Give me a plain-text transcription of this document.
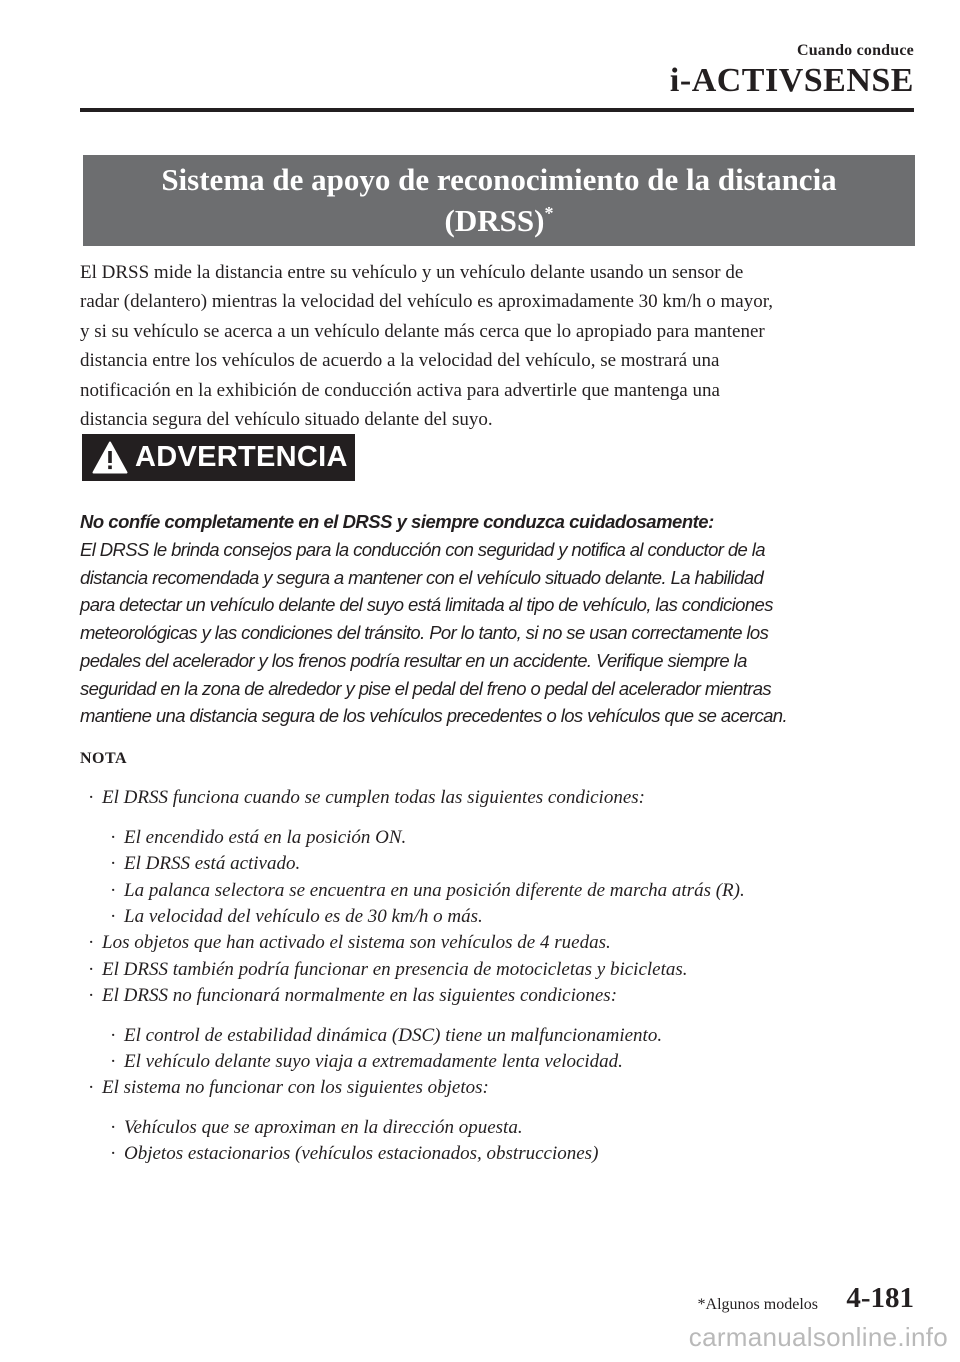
Cuando conduce
i-ACTIVSENSE
Sistema de apoyo de reconocimiento de la distancia
(DRSS)*
El DRSS mide la distancia entre su vehículo y un vehículo delante usando un sensor de
radar (delantero) mientras la velocidad del vehículo es aproximadamente 30 km/h o mayor,
y si su vehículo se acerca a un vehículo delante más cerca que lo apropiado para mantener
distancia entre los vehículos de acuerdo a la velocidad del vehículo, se mostrará una
notificación en la exhibición de conducción activa para advertirle que mantenga una
distancia segura del vehículo situado delante del suyo.
ADVERTENCIA

No confíe completamente en el DRSS y siempre conduzca cuidadosamente:

El DRSS le brinda consejos para la conducción con seguridad y notifica al conductor de la
distancia recomendada y segura a mantener con el vehículo situado delante. La habilidad
para detectar un vehículo delante del suyo está limitada al tipo de vehículo, las condiciones
meteorológicas y las condiciones del tránsito. Por lo tanto, si no se usan correctamente los
pedales del acelerador y los frenos podría resultar en un accidente. Verifique siempre la
seguridad en la zona de alrededor y pise el pedal del freno o pedal del acelerador mientras
mantiene una distancia segura de los vehículos precedentes o los vehículos que se acercan.
NOTA
· El DRSS funciona cuando se cumplen todas las siguientes condiciones:
· El encendido está en la posición ON.
· El DRSS está activado.
· La palanca selectora se encuentra en una posición diferente de marcha atrás (R).
· La velocidad del vehículo es de 30 km/h o más.
· Los objetos que han activado el sistema son vehículos de 4 ruedas.
· El DRSS también podría funcionar en presencia de motocicletas y bicicletas.
· El DRSS no funcionará normalmente en las siguientes condiciones:
· El control de estabilidad dinámica (DSC) tiene un malfuncionamiento.
· El vehículo delante suyo viaja a extremadamente lenta velocidad.
· El sistema no funcionar con los siguientes objetos:
· Vehículos que se aproximan en la dirección opuesta.
· Objetos estacionarios (vehículos estacionados, obstrucciones)
*Algunos modelos 4-181
carmanualsonline.info
